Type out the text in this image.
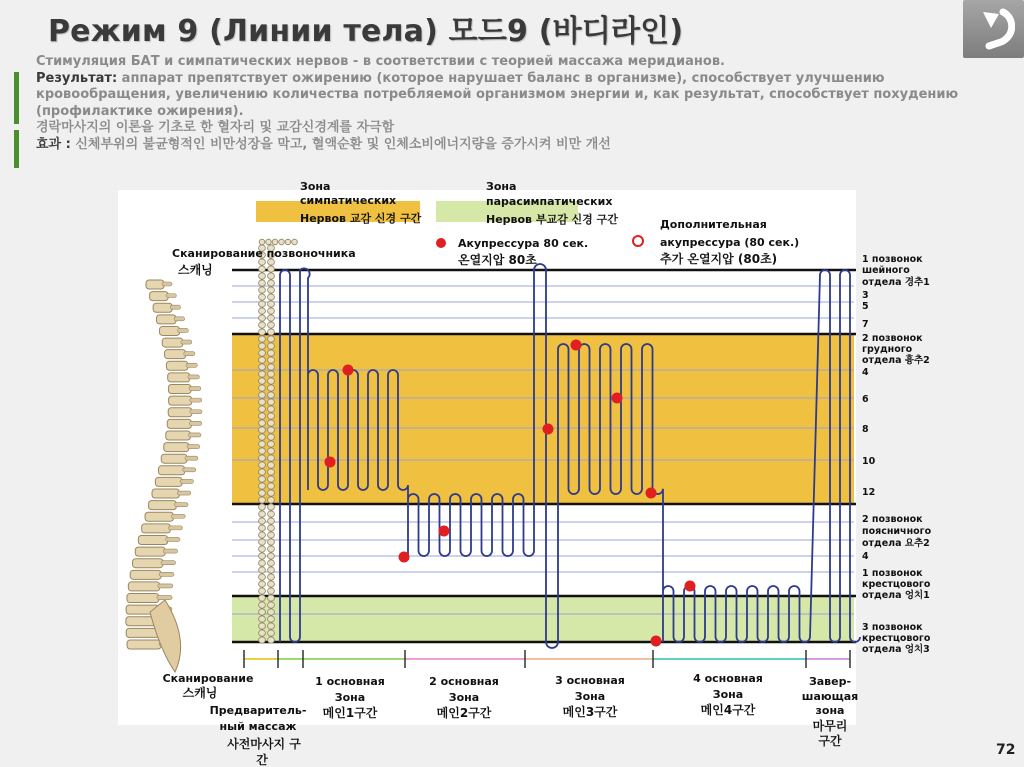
Режим 9 (Линии тела) 모드9 (바디라인)

Стимуляция БАТ и симпатических нервов - в соответствии с теорией массажа меридианов.

Результат: аппарат препятствует ожирению (которое нарушает баланс в организме), способствует улучшению кровообращения, увеличению количества потребляемой организмом энергии и, как результат, способствует похудению (профилактике ожирения).

경락마사지의 이론을 기초로 한 혈자리 및 교감신경계를 자극함

효과 : 신체부위의 불균형적인 비만성장을 막고, 혈액순환 및 인체소비에너지량을 증가시켜 비만 개선

Зона
симпатических
Нервов 교감 신경 구간
Зона
парасимпатических
Нервов 부교감 신경 구간
Акупрессура 80 сек.
온열지압 80초
Дополнительная
акупрессура (80 сек.)
추가 온열지압 (80초)
Сканирование позвоночника
스캐닝
1 позвонок
шейного
отдела 경추1
3
5
7
2 позвонок
грудного
отдела 흉추2
4
6
8
10
12
2 позвонок
поясничного
отдела 요추2
4
1 позвонок
крестцового
отдела 엉치1
3 позвонок
крестцового
отдела 엉치3
Сканирование
스캐닝
Предваритель-
ный массаж
사전마사지 구
간
1 основная
Зона
메인1구간
2 основная
Зона
메인2구간
3 основная
Зона
메인3구간
4 основная
Зона
메인4구간
Завер-
шающая
зона
마무리
구간
72
